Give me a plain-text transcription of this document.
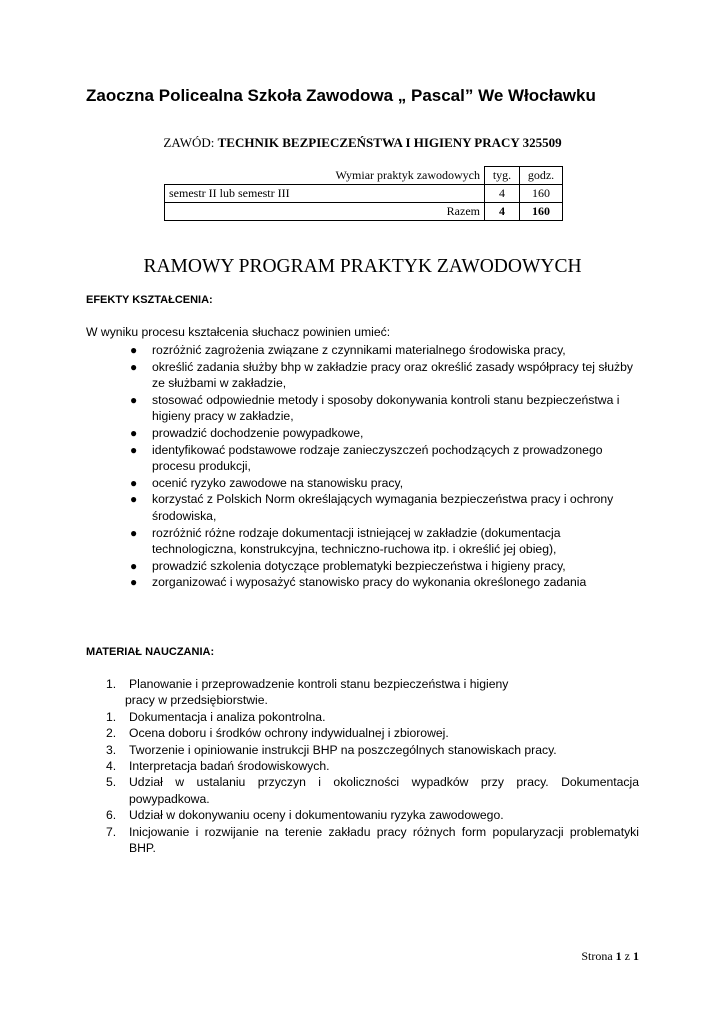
Zaoczna Policealna Szkoła Zawodowa „ Pascal” We Włocławku
ZAWÓD: TECHNIK BEZPIECZEŃSTWA I HIGIENY PRACY 325509
Wymiar praktyk zawodowych	tyg.	godz.
semestr II lub semestr III	4	160
Razem	4	160
RAMOWY PROGRAM PRAKTYK ZAWODOWYCH
EFEKTY KSZTAŁCENIA:
W wyniku procesu kształcenia słuchacz powinien umieć:
● rozróżnić zagrożenia związane z czynnikami materialnego środowiska pracy,
● określić zadania służby bhp w zakładzie pracy oraz określić zasady współpracy tej służby ze służbami w zakładzie,
● stosować odpowiednie metody i sposoby dokonywania kontroli stanu bezpieczeństwa i higieny pracy w zakładzie,
● prowadzić dochodzenie powypadkowe,
● identyfikować podstawowe rodzaje zanieczyszczeń pochodzących z prowadzonego procesu produkcji,
● ocenić ryzyko zawodowe na stanowisku pracy,
● korzystać z Polskich Norm określających wymagania bezpieczeństwa pracy i ochrony środowiska,
● rozróżnić różne rodzaje dokumentacji istniejącej w zakładzie (dokumentacja technologiczna, konstrukcyjna, techniczno-ruchowa itp. i określić jej obieg),
● prowadzić szkolenia dotyczące problematyki bezpieczeństwa i higieny pracy,
● zorganizować i wyposażyć stanowisko pracy do wykonania określonego zadania
MATERIAŁ NAUCZANIA:
1.	Planowanie i przeprowadzenie kontroli stanu bezpieczeństwa i higieny
pracy w przedsiębiorstwie.
1. Dokumentacja i analiza pokontrolna.
2. Ocena doboru i środków ochrony indywidualnej i zbiorowej.
3. Tworzenie i opiniowanie instrukcji BHP na poszczególnych stanowiskach pracy.
4. Interpretacja badań środowiskowych.
5. Udział w ustalaniu przyczyn i okoliczności wypadków przy pracy. Dokumentacja powypadkowa.
6. Udział w dokonywaniu oceny i dokumentowaniu ryzyka zawodowego.
7. Inicjowanie i rozwijanie na terenie zakładu pracy różnych form popularyzacji problematyki BHP.
Strona 1 z 1
